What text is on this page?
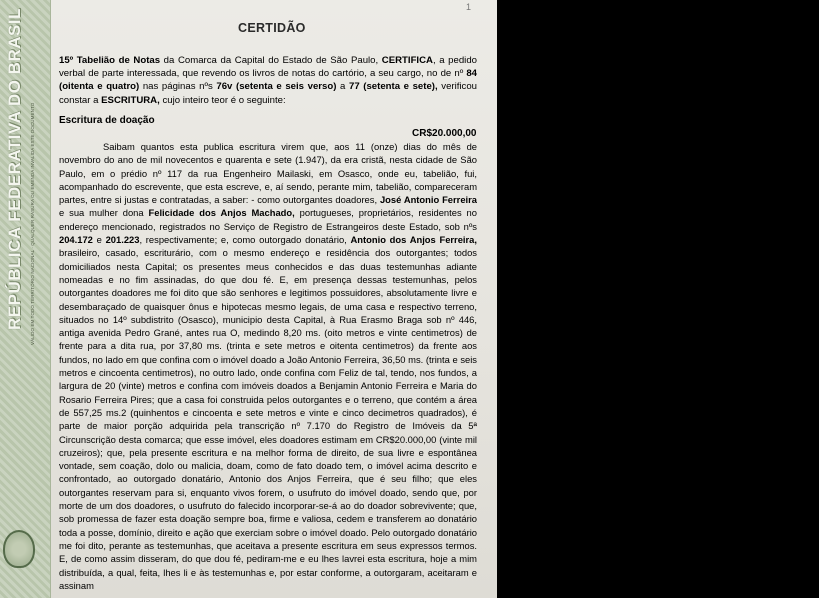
REPÚBLICA FEDERATIVA DO BRASIL	VÁLIDO EM TODO TERRITÓRIO NACIONAL · QUALQUER RASURA OU EMENDA INVALIDA ESTE DOCUMENTO
1
CERTIDÃO
15º Tabelião de Notas da Comarca da Capital do Estado de São Paulo, CERTIFICA, a pedido verbal de parte interessada, que revendo os livros de notas do cartório, a seu cargo, no de nº 84 (oitenta e quatro) nas páginas nºs 76v (setenta e seis verso) a 77 (setenta e sete), verificou constar a ESCRITURA, cujo inteiro teor é o seguinte:
Escritura de doação
CR$20.000,00

Saibam quantos esta publica escritura virem que, aos 11 (onze) dias do mês de novembro do ano de mil novecentos e quarenta e sete (1.947), da era cristã, nesta cidade de São Paulo, em o prédio nº 117 da rua Engenheiro Mailaski, em Osasco, onde eu, tabelião, fui, acompanhado do escrevente, que esta escreve, e, aí sendo, perante mim, tabelião, compareceram partes, entre si justas e contratadas, a saber: - como outorgantes doadores, José Antonio Ferreira e sua mulher dona Felicidade dos Anjos Machado, portugueses, proprietários, residentes no endereço mencionado, registrados no Serviço de Registro de Estrangeiros deste Estado, sob nºs 204.172 e 201.223, respectivamente; e, como outorgado donatário, Antonio dos Anjos Ferreira, brasileiro, casado, escriturário, com o mesmo endereço e residência dos outorgantes; todos domiciliados nesta Capital; os presentes meus conhecidos e das duas testemunhas adiante nomeadas e no fim assinadas, do que dou fé. E, em presença dessas testemunhas, pelos outorgantes doadores me foi dito que são senhores e legitimos possuidores, absolutamente livre e desembaraçado de quaisquer ônus e hipotecas mesmo legais, de uma casa e respectivo terreno, situados no 14º subdistrito (Osasco), municipio desta Capital, à Rua Erasmo Braga sob nº 446, antiga avenida Pedro Grané, antes rua O, medindo 8,20 ms. (oito metros e vinte centimetros) de frente para a dita rua, por 37,80 ms. (trinta e sete metros e oitenta centimetros) da frente aos fundos, no lado em que confina com o imóvel doado a João Antonio Ferreira, 36,50 ms. (trinta e seis metros e cincoenta centimetros), no outro lado, onde confina com Feliz de tal, tendo, nos fundos, a largura de 20 (vinte) metros e confina com imóveis doados a Benjamin Antonio Ferreira e Maria do Rosario Ferreira Pires; que a casa foi construida pelos outorgantes e o terreno, que contém a área de 557,25 ms.2 (quinhentos e cincoenta e sete metros e vinte e cinco decimetros quadrados), é parte de maior porção adquirida pela transcrição nº 7.170 do Registro de Imóveis da 5ª Circunscrição desta comarca; que esse imóvel, eles doadores estimam em CR$20.000,00 (vinte mil cruzeiros); que, pela presente escritura e na melhor forma de direito, de sua livre e espontânea vontade, sem coação, dolo ou malicia, doam, como de fato doado tem, o imóvel acima descrito e confrontado, ao outorgado donatário, Antonio dos Anjos Ferreira, que é seu filho; que eles outorgantes reservam para si, enquanto vivos forem, o usufruto do imóvel doado, sendo que, por morte de um dos doadores, o usufruto do falecido incorporar-se-á ao do doador sobrevivente; que, sob promessa de fazer esta doação sempre boa, firme e valiosa, cedem e transferem ao donatário toda a posse, domínio, direito e ação que exerciam sobre o imóvel doado. Pelo outorgado donatário me foi dito, perante as testemunhas, que aceitava a presente escritura em seus expressos termos. E, de como assim disseram, do que dou fé, pediram-me e eu lhes lavrei esta escritura, hoje a mim distribuída, a qual, feita, lhes li e às testemunhas e, por estar conforme, a outorgaram, aceitaram e assinam
